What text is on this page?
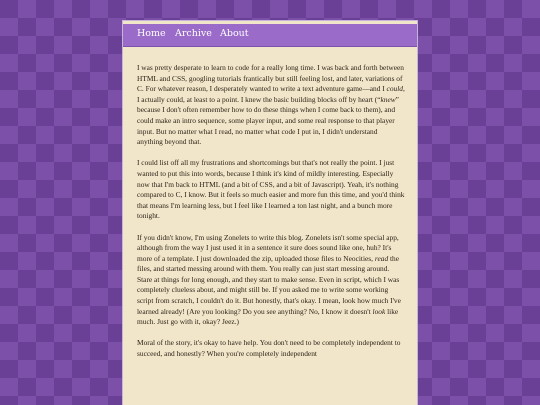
Home Archive About

I was pretty desperate to learn to code for a really long time. I was back and forth between HTML and CSS, googling tutorials frantically but still feeling lost, and later, variations of C. For whatever reason, I desperately wanted to write a text adventure game—and I could, I actually could, at least to a point. I knew the basic building blocks off by heart (“knew” because I don't often remember how to do these things when I come back to them), and could make an intro sequence, some player input, and some real response to that player input. But no matter what I read, no matter what code I put in, I didn't understand anything beyond that.

I could list off all my frustrations and shortcomings but that's not really the point. I just wanted to put this into words, because I think it's kind of mildly interesting. Especially now that I'm back to HTML (and a bit of CSS, and a bit of Javascript). Yeah, it's nothing compared to C, I know. But it feels so much easier and more fun this time, and you'd think that means I'm learning less, but I feel like I learned a ton last night, and a bunch more tonight.

If you didn't know, I'm using Zonelets to write this blog. Zonelets isn't some special app, although from the way I just used it in a sentence it sure does sound like one, huh? It's more of a template. I just downloaded the zip, uploaded those files to Neocities, read the files, and started messing around with them. You really can just start messing around. Stare at things for long enough, and they start to make sense. Even in script, which I was completely clueless about, and might still be. If you asked me to write some working script from scratch, I couldn't do it. But honestly, that's okay. I mean, look how much I've learned already! (Are you looking? Do you see anything? No, I know it doesn't look like much. Just go with it, okay? Jeez.)

Moral of the story, it's okay to have help. You don't need to be completely independent to succeed, and honestly? When you're completely independent
